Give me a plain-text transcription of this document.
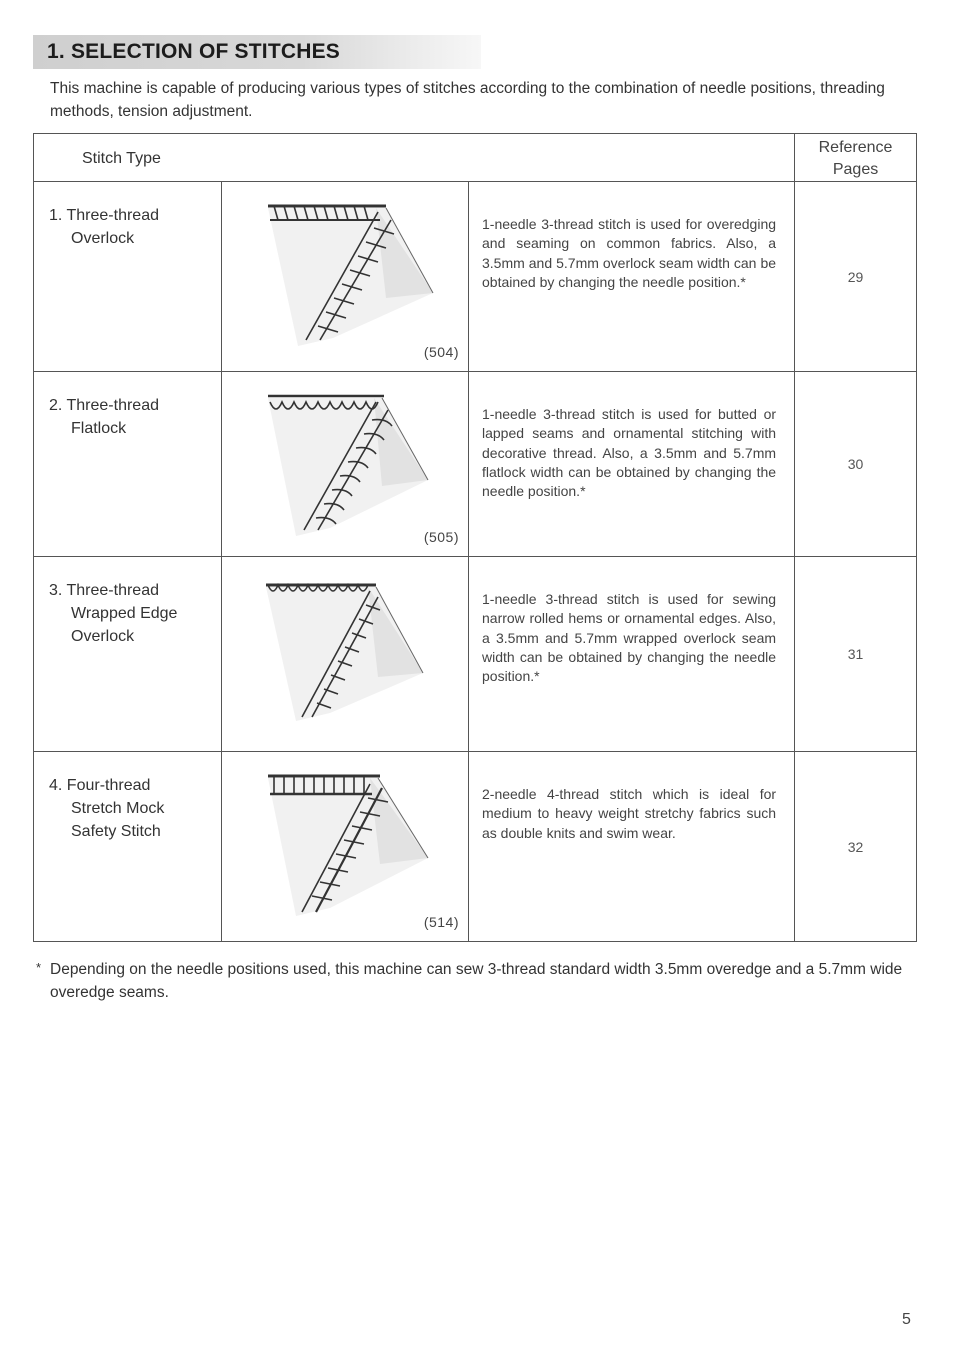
1. SELECTION OF STITCHES
This machine is capable of producing various types of stitches according to the combination of needle positions, threading methods, tension adjustment.
Stitch Type			Reference
Pages

1. Three-thread
Overlock	(504)	1-needle 3-thread stitch is used for overedging and seaming on common fabrics. Also, a 3.5mm and 5.7mm overlock seam width can be obtained by changing the needle position.*	29

2. Three-thread
Flatlock	(505)	1-needle 3-thread stitch is used for butted or lapped seams and ornamental stitching with decorative thread. Also, a 3.5mm and 5.7mm flatlock width can be obtained by changing the needle position.*	30

3. Three-thread
Wrapped Edge
Overlock		1-needle 3-thread stitch is used for sewing narrow rolled hems or ornamental edges. Also, a 3.5mm and 5.7mm wrapped overlock seam width can be obtained by changing the needle position.*	31

4. Four-thread
Stretch Mock
Safety Stitch	(514)	2-needle 4-thread stitch which is ideal for medium to heavy weight stretchy fabrics such as double knits and swim wear.	32
* Depending on the needle positions used, this machine can sew 3-thread standard width 3.5mm overedge and a 5.7mm wide overedge seams.
5
